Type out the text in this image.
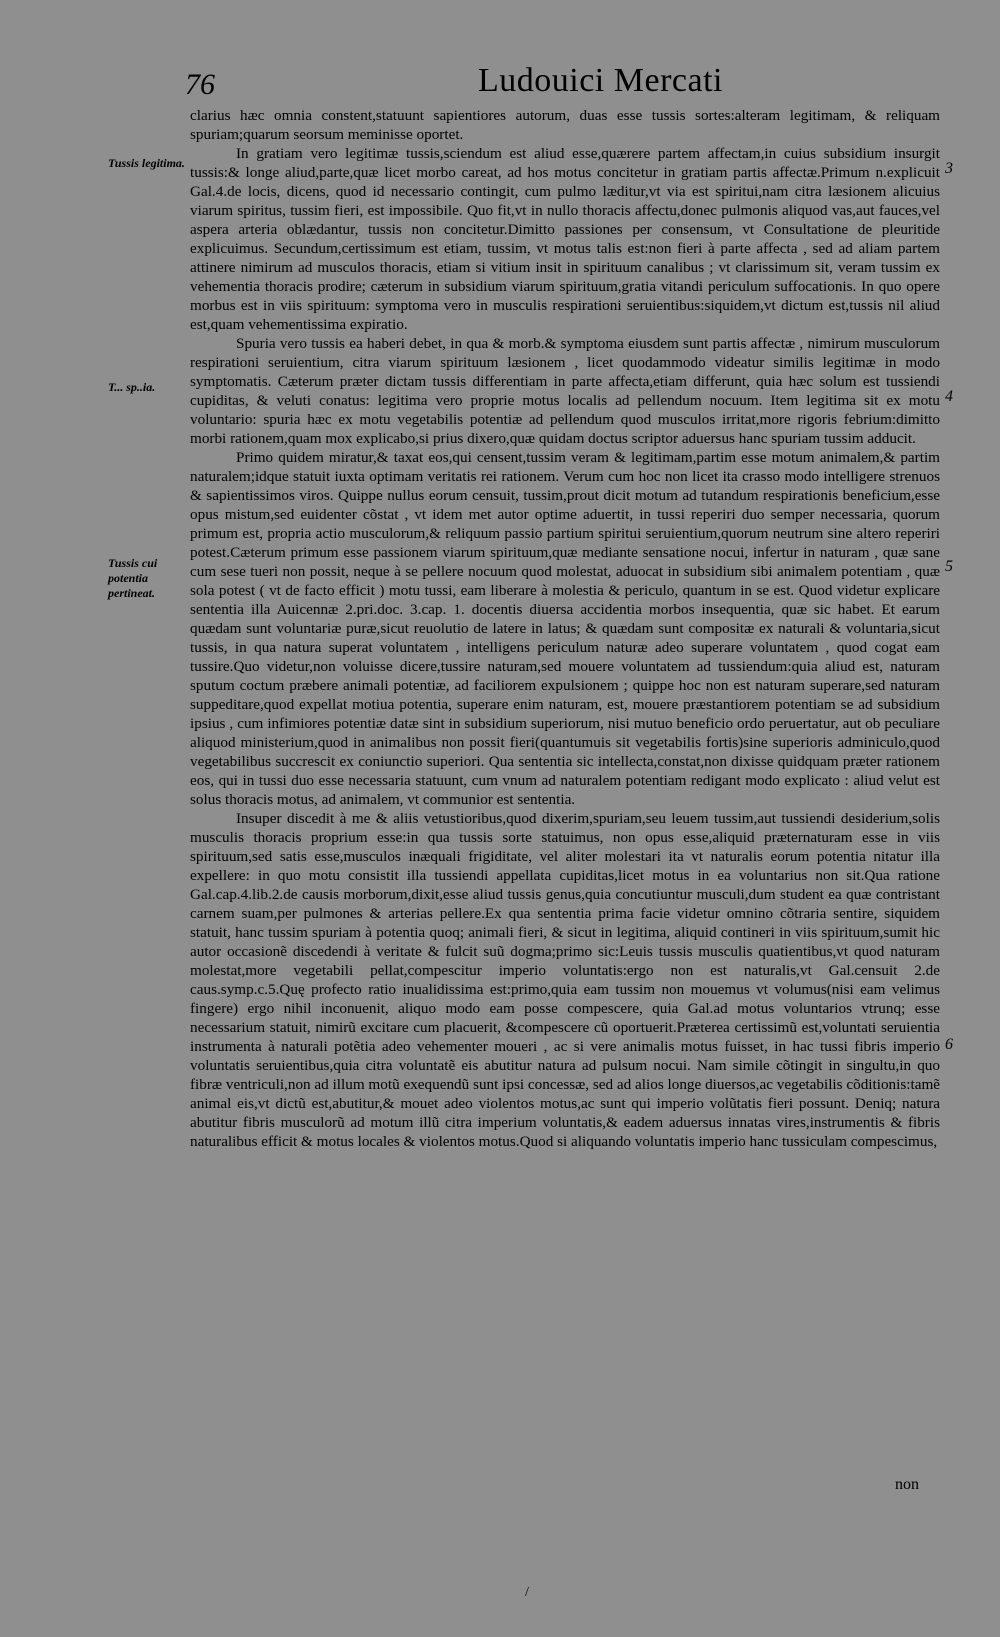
76	Ludouici Mercati
Tussis legitima.
T... sp..ia.
Tussis cui potentia pertineat.
3
4
5
6

clarius hæc omnia constent,statuunt sapientiores autorum, duas esse tussis sortes:alteram legitimam, & reliquam spuriam;quarum seorsum meminisse oportet.

In gratiam vero legitimæ tussis,sciendum est aliud esse,quærere partem affectam,in cuius subsidium insurgit tussis:& longe aliud,parte,quæ licet morbo careat, ad hos motus concitetur in gratiam partis affectæ.Primum n.explicuit Gal.4.de locis, dicens, quod id necessario contingit, cum pulmo læditur,vt via est spiritui,nam citra læsionem alicuius viarum spiritus, tussim fieri, est impossibile. Quo fit,vt in nullo thoracis affectu,donec pulmonis aliquod vas,aut fauces,vel aspera arteria oblædantur, tussis non concitetur.Dimitto passiones per consensum, vt Consultatione de pleuritide explicuimus. Secundum,certissimum est etiam, tussim, vt motus talis est:non fieri à parte affecta , sed ad aliam partem attinere nimirum ad musculos thoracis, etiam si vitium insit in spirituum canalibus ; vt clarissimum sit, veram tussim ex vehementia thoracis prodire; cæterum in subsidium viarum spirituum,gratia vitandi periculum suffocationis. In quo opere morbus est in viis spirituum: symptoma vero in musculis respirationi seruientibus:siquidem,vt dictum est,tussis nil aliud est,quam vehementissima expiratio.

Spuria vero tussis ea haberi debet, in qua & morb.& symptoma eiusdem sunt partis affectæ , nimirum musculorum respirationi seruientium, citra viarum spirituum læsionem , licet quodammodo videatur similis legitimæ in modo symptomatis. Cæterum præter dictam tussis differentiam in parte affecta,etiam differunt, quia hæc solum est tussiendi cupiditas, & veluti conatus: legitima vero proprie motus localis ad pellendum nocuum. Item legitima sit ex motu voluntario: spuria hæc ex motu vegetabilis potentiæ ad pellendum quod musculos irritat,more rigoris febrium:dimitto morbi rationem,quam mox explicabo,si prius dixero,quæ quidam doctus scriptor aduersus hanc spuriam tussim adducit.

Primo quidem miratur,& taxat eos,qui censent,tussim veram & legitimam,partim esse motum animalem,& partim naturalem;idque statuit iuxta optimam veritatis rei rationem. Verum cum hoc non licet ita crasso modo intelligere strenuos & sapientissimos viros. Quippe nullus eorum censuit, tussim,prout dicit motum ad tutandum respirationis beneficium,esse opus mistum,sed euidenter cõstat , vt idem met autor optime aduertit, in tussi reperiri duo semper necessaria, quorum primum est, propria actio musculorum,& reliquum passio partium spiritui seruientium,quorum neutrum sine altero reperiri potest.Cæterum primum esse passionem viarum spirituum,quæ mediante sensatione nocui, infertur in naturam , quæ sane cum sese tueri non possit, neque à se pellere nocuum quod molestat, aduocat in subsidium sibi animalem potentiam , quæ sola potest ( vt de facto efficit ) motu tussi, eam liberare à molestia & periculo, quantum in se est. Quod videtur explicare sententia illa Auicennæ 2.pri.doc. 3.cap. 1. docentis diuersa accidentia morbos insequentia, quæ sic habet. Et earum quædam sunt voluntariæ puræ,sicut reuolutio de latere in latus; & quædam sunt compositæ ex naturali & voluntaria,sicut tussis, in qua natura superat voluntatem , intelligens periculum naturæ adeo superare voluntatem , quod cogat eam tussire.Quo videtur,non voluisse dicere,tussire naturam,sed mouere voluntatem ad tussiendum:quia aliud est, naturam sputum coctum præbere animali potentiæ, ad faciliorem expulsionem ; quippe hoc non est naturam superare,sed naturam suppeditare,quod expellat motiua potentia, superare enim naturam, est, mouere præstantiorem potentiam se ad subsidium ipsius , cum infimiores potentiæ datæ sint in subsidium superiorum, nisi mutuo beneficio ordo peruertatur, aut ob peculiare aliquod ministerium,quod in animalibus non possit fieri(quantumuis sit vegetabilis fortis)sine superioris adminiculo,quod vegetabilibus succrescit ex coniunctio superiori. Qua sententia sic intellecta,constat,non dixisse quidquam præter rationem eos, qui in tussi duo esse necessaria statuunt, cum vnum ad naturalem potentiam redigant modo explicato : aliud velut est solus thoracis motus, ad animalem, vt communior est sententia.

Insuper discedit à me & aliis vetustioribus,quod dixerim,spuriam,seu leuem tussim,aut tussiendi desiderium,solis musculis thoracis proprium esse:in qua tussis sorte statuimus, non opus esse,aliquid præternaturam esse in viis spirituum,sed satis esse,musculos inæquali frigiditate, vel aliter molestari ita vt naturalis eorum potentia nitatur illa expellere: in quo motu consistit illa tussiendi appellata cupiditas,licet motus in ea voluntarius non sit.Qua ratione Gal.cap.4.lib.2.de causis morborum,dixit,esse aliud tussis genus,quia concutiuntur musculi,dum student ea quæ contristant carnem suam,per pulmones & arterias pellere.Ex qua sententia prima facie videtur omnino cõtraria sentire, siquidem statuit, hanc tussim spuriam à potentia quoq; animali fieri, & sicut in legitima, aliquid contineri in viis spirituum,sumit hic autor occasionẽ discedendi à veritate & fulcit suũ dogma;primo sic:Leuis tussis musculis quatientibus,vt quod naturam molestat,more vegetabili pellat,compescitur imperio voluntatis:ergo non est naturalis,vt Gal.censuit 2.de caus.symp.c.5.Quę profecto ratio inualidissima est:primo,quia eam tussim non mouemus vt volumus(nisi eam velimus fingere) ergo nihil inconuenit, aliquo modo eam posse compescere, quia Gal.ad motus voluntarios vtrunq; esse necessarium statuit, nimirũ excitare cum placuerit, &compescere cũ oportuerit.Præterea certissimũ est,voluntati seruientia instrumenta à naturali potẽtia adeo vehementer moueri , ac si vere animalis motus fuisset, in hac tussi fibris imperio voluntatis seruientibus,quia citra voluntatẽ eis abutitur natura ad pulsum nocui. Nam simile cõtingit in singultu,in quo fibræ ventriculi,non ad illum motũ exequendũ sunt ipsi concessæ, sed ad alios longe diuersos,ac vegetabilis cõditionis:tamẽ animal eis,vt dictũ est,abutitur,& mouet adeo violentos motus,ac sunt qui imperio volũtatis fieri possunt. Deniq; natura abutitur fibris musculorũ ad motum illũ citra imperium voluntatis,& eadem aduersus innatas vires,instrumentis & fibris naturalibus efficit & motus locales & violentos motus.Quod si aliquando voluntatis imperio hanc tussiculam compescimus,

non
/
